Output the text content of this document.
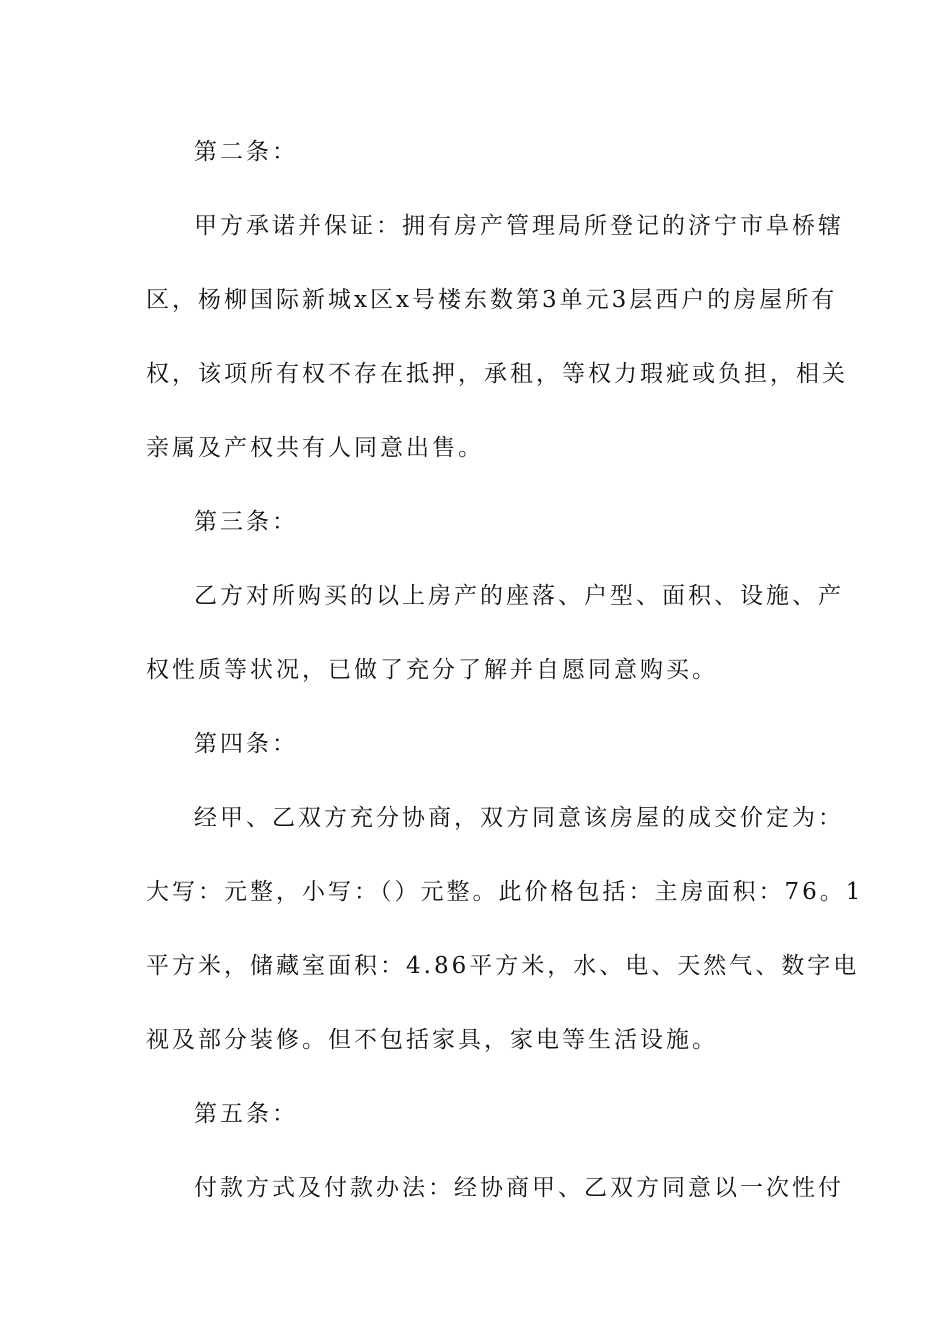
第二条：
甲方承诺并保证：拥有房产管理局所登记的济宁市阜桥辖
区，杨柳国际新城x区x号楼东数第3单元3层西户的房屋所有
权，该项所有权不存在抵押，承租，等权力瑕疵或负担，相关
亲属及产权共有人同意出售。
第三条：
乙方对所购买的以上房产的座落、户型、面积、设施、产
权性质等状况，已做了充分了解并自愿同意购买。
第四条：
经甲、乙双方充分协商，双方同意该房屋的成交价定为：
大写：元整，小写：（）元整。此价格包括：主房面积：76。1
平方米，储藏室面积：4.86平方米，水、电、天然气、数字电
视及部分装修。但不包括家具，家电等生活设施。
第五条：
付款方式及付款办法：经协商甲、乙双方同意以一次性付
